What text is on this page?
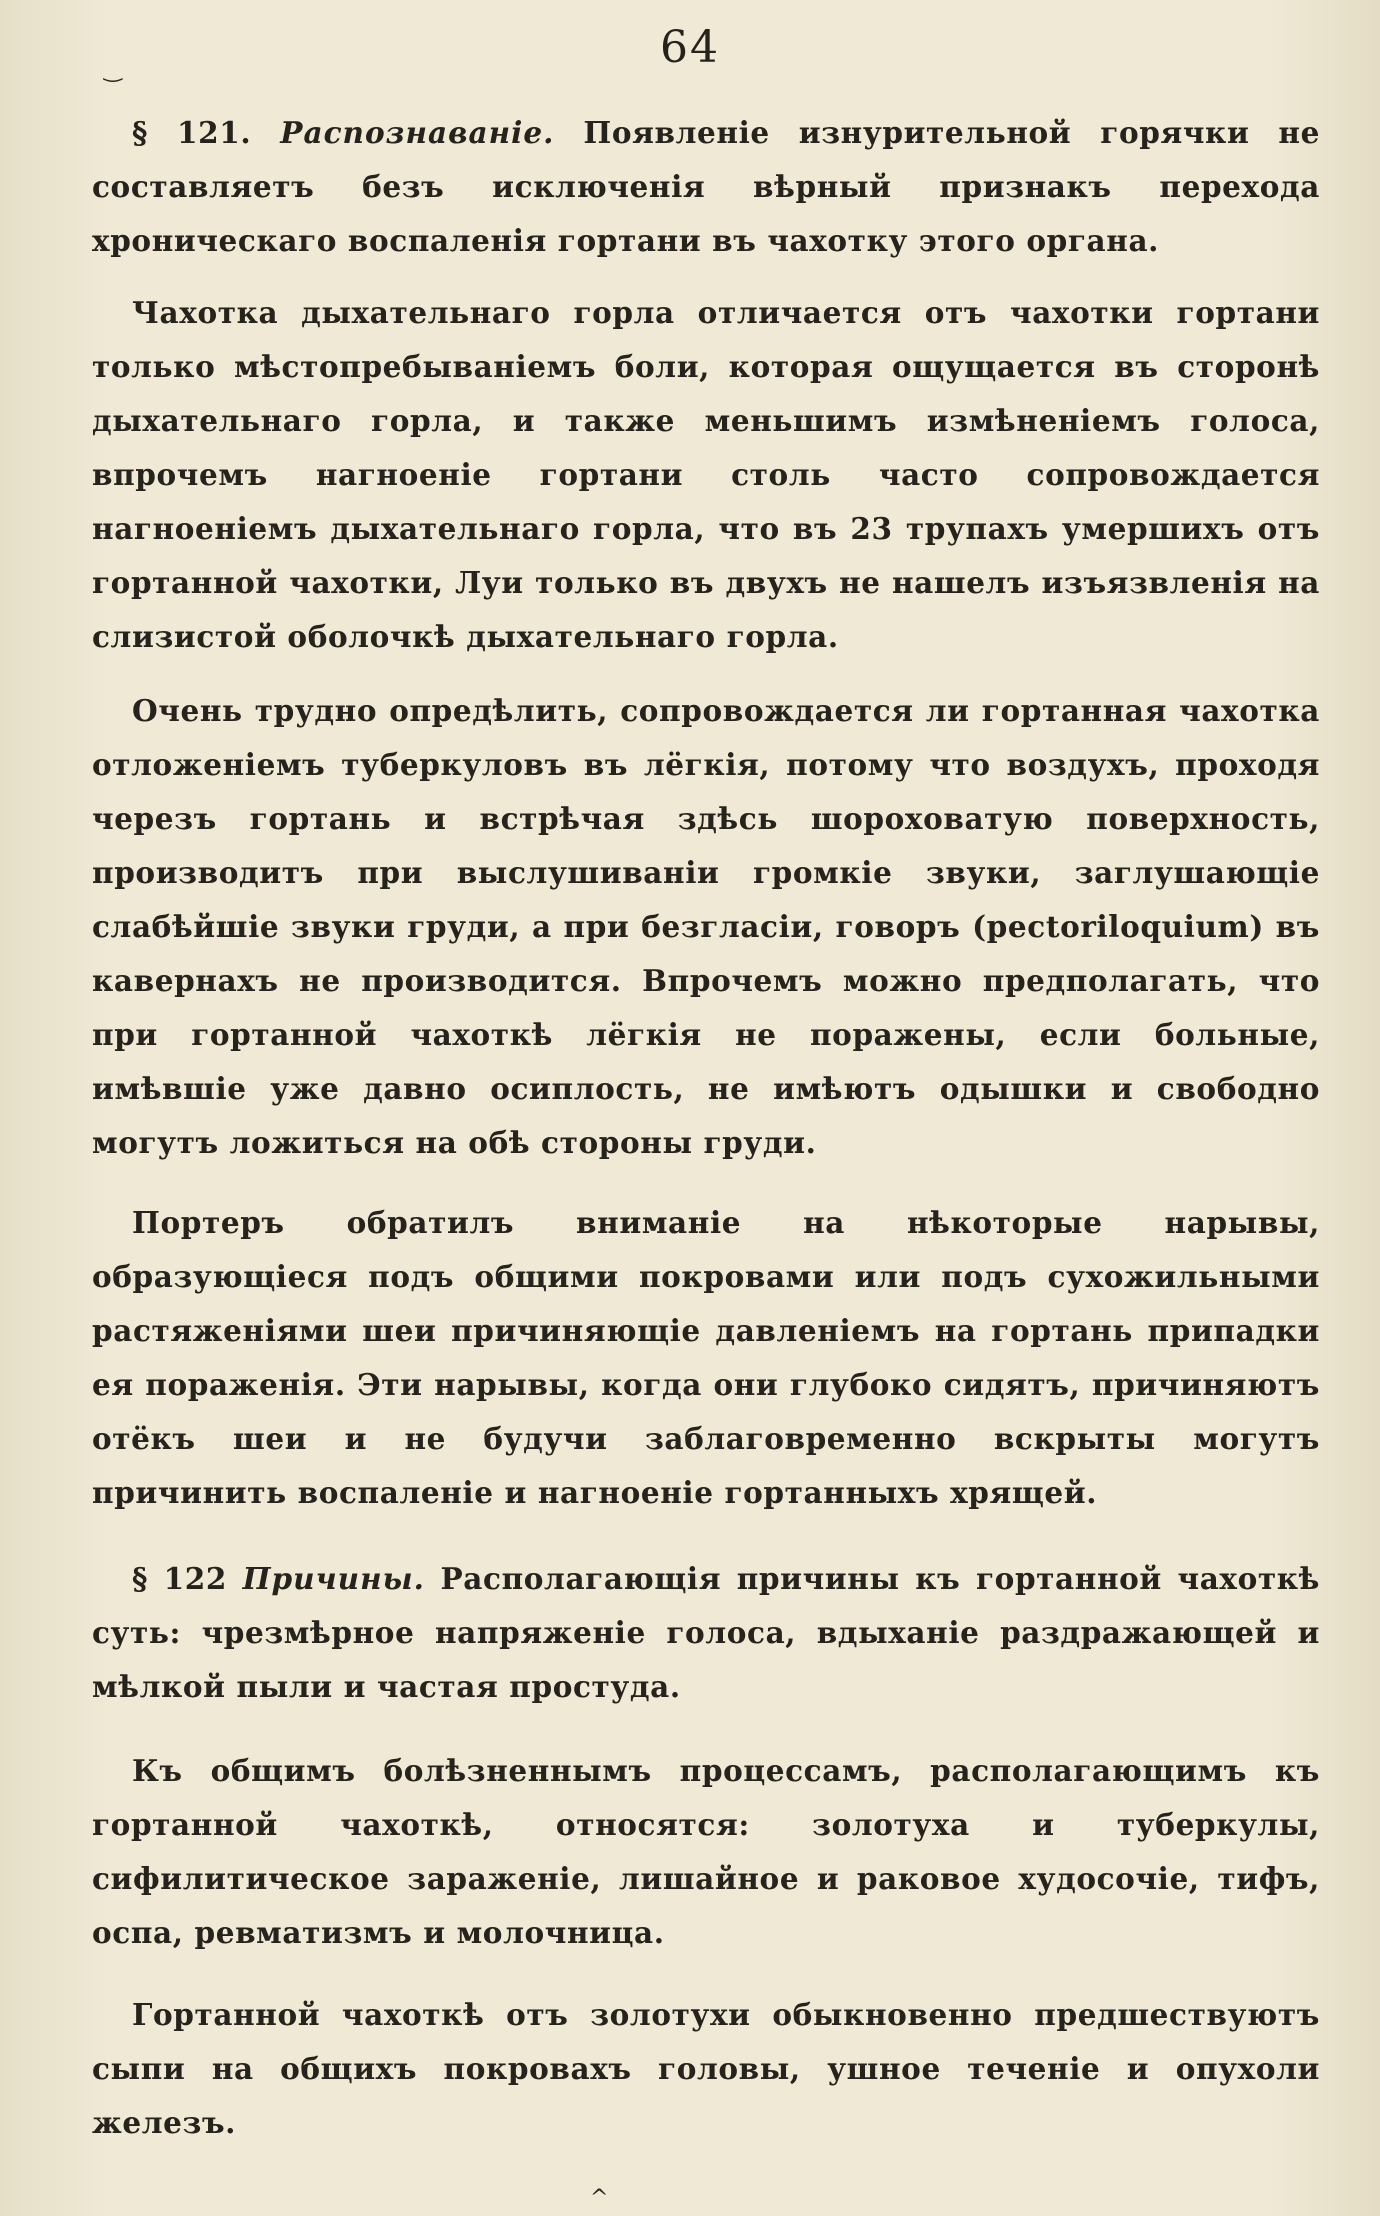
64
‿
^

§ 121. Распознаваніе. Появленіе изнурительной горячки не составляетъ безъ исключенія вѣрный признакъ перехода хроническаго воспаленія гортани въ чахотку этого органа.

Чахотка дыхательнаго горла отличается отъ чахотки гортани только мѣстопребываніемъ боли, которая ощущается въ сторонѣ дыхательнаго горла, и также меньшимъ измѣненіемъ голоса, впрочемъ нагноеніе гортани столь часто сопровождается нагноеніемъ дыхательнаго горла, что въ 23 трупахъ умершихъ отъ гортанной чахотки, Луи только въ двухъ не нашелъ изъязвленія на слизистой оболочкѣ дыхательнаго горла.

Очень трудно опредѣлить, сопровождается ли гортанная чахотка отложеніемъ туберкуловъ въ лёгкія, потому что воздухъ, проходя черезъ гортань и встрѣчая здѣсь шороховатую поверхность, производитъ при выслушиваніи громкіе звуки, заглушающіе слабѣйшіе звуки груди, а при безгласіи, говоръ (pectoriloquium) въ кавернахъ не производится. Впрочемъ можно предполагать, что при гортанной чахоткѣ лёгкія не поражены, если больные, имѣвшіе уже давно осиплость, не имѣютъ одышки и свободно могутъ ложиться на обѣ стороны груди.

Портеръ обратилъ вниманіе на нѣкоторые нарывы, образующіеся подъ общими покровами или подъ сухожильными растяженіями шеи причиняющіе давленіемъ на гортань припадки ея пораженія. Эти нарывы, когда они глубоко сидятъ, причиняютъ отёкъ шеи и не будучи заблаговременно вскрыты могутъ причинить воспаленіе и нагноеніе гортанныхъ хрящей.

§ 122 Причины. Располагающія причины къ гортанной чахоткѣ суть: чрезмѣрное напряженіе голоса, вдыханіе раздражающей и мѣлкой пыли и частая простуда.

Къ общимъ болѣзненнымъ процессамъ, располагающимъ къ гортанной чахоткѣ, относятся: золотуха и туберкулы, сифилитическое зараженіе, лишайное и раковое худосочіе, тифъ, оспа, ревматизмъ и молочница.

Гортанной чахоткѣ отъ золотухи обыкновенно предшествуютъ сыпи на общихъ покровахъ головы, ушное теченіе и опухоли железъ.
